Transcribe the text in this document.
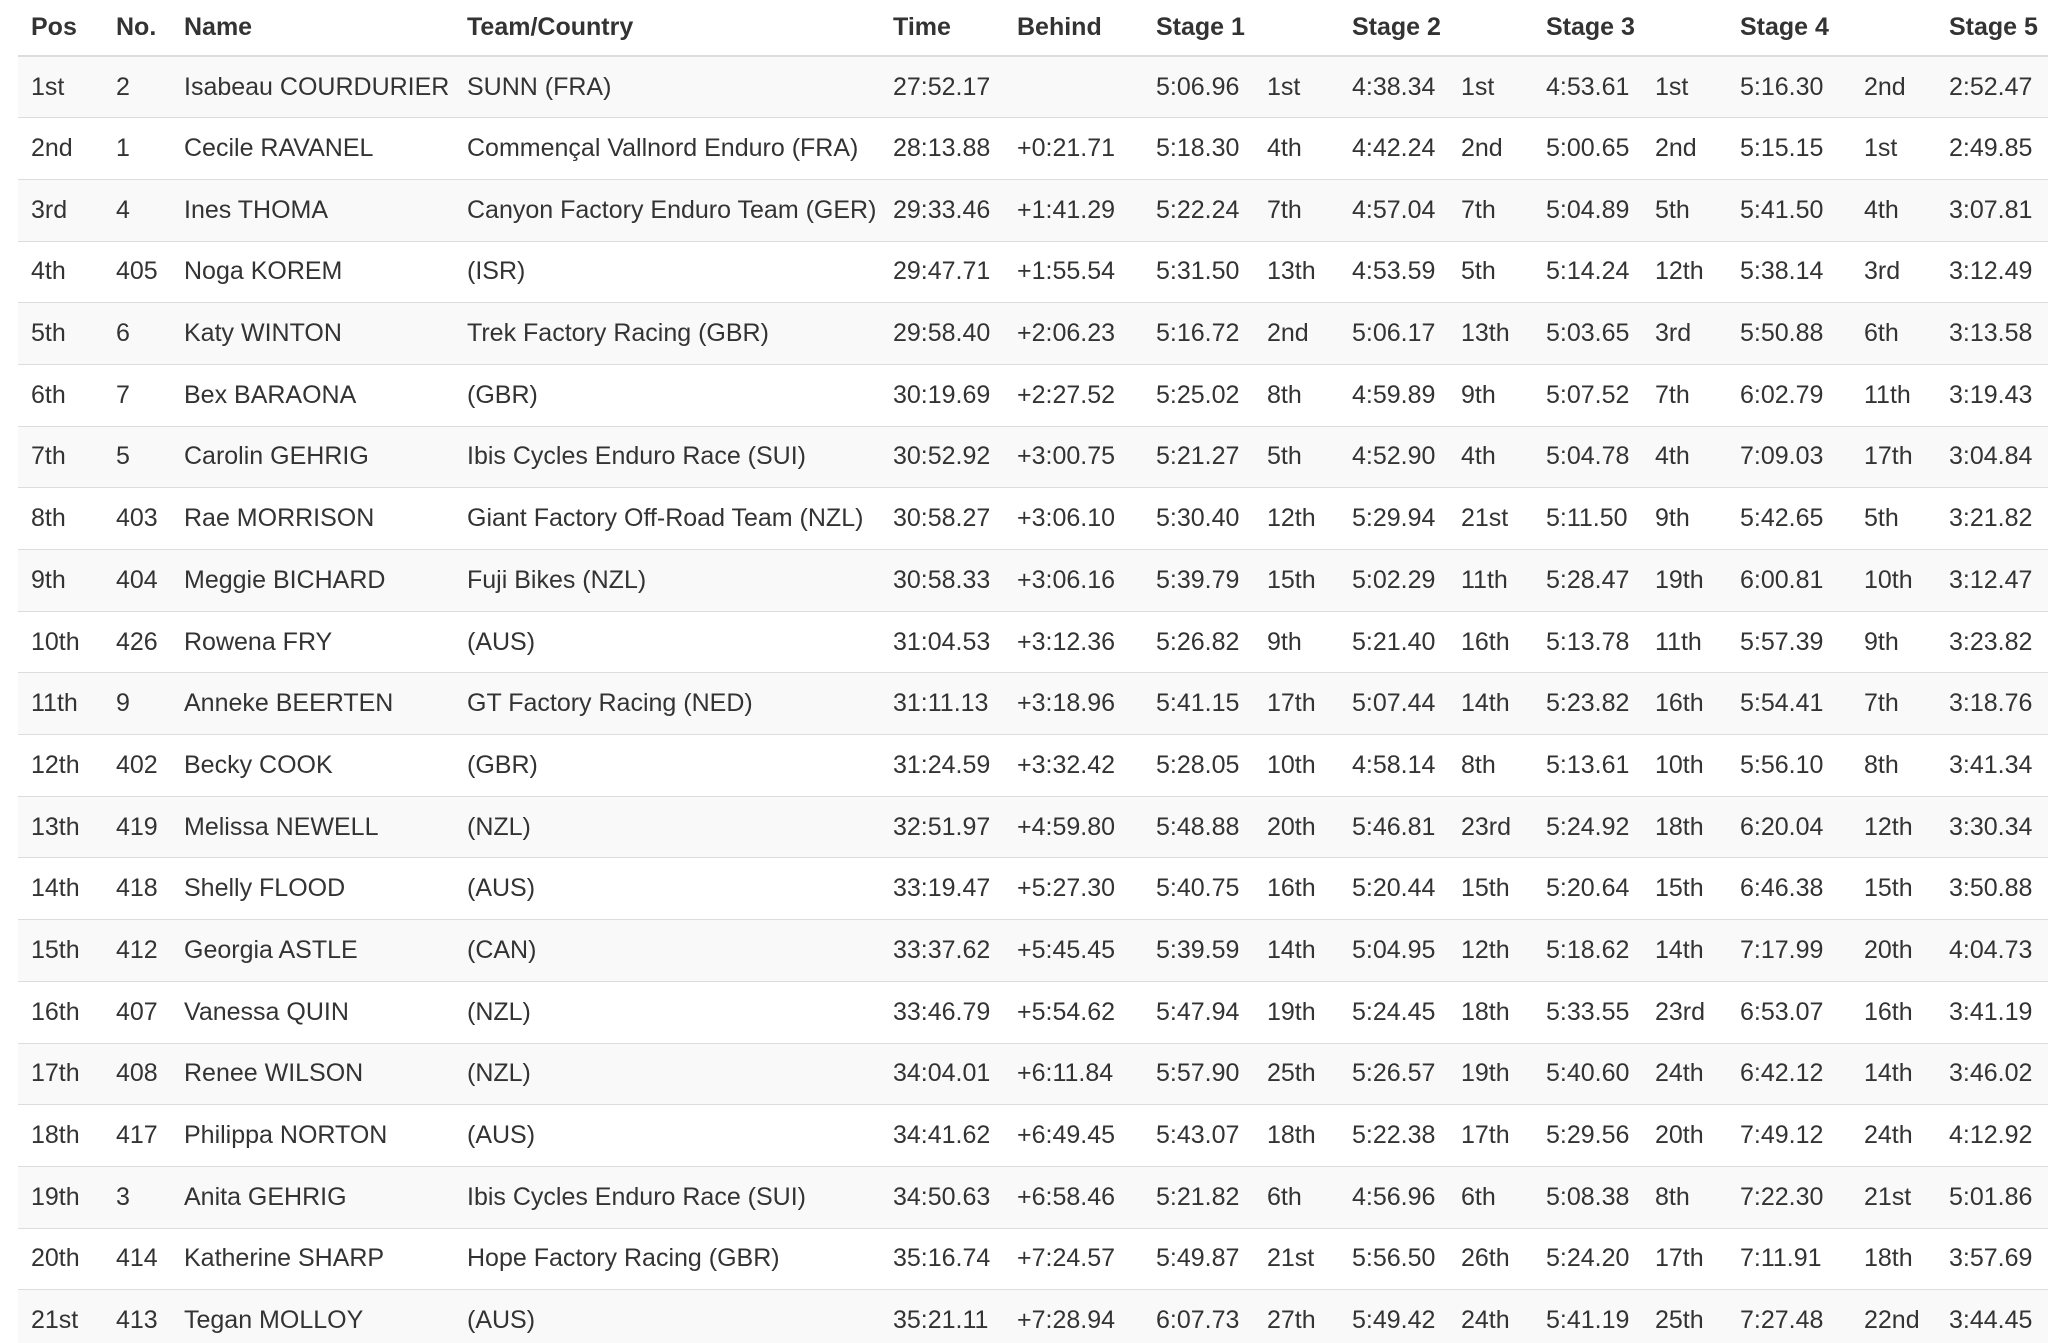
Pos	No.	Name	Team/Country	Time	Behind	Stage 1		Stage 2		Stage 3		Stage 4		Stage 5
1st	2	Isabeau COURDURIER	SUNN (FRA)	27:52.17		5:06.96	1st	4:38.34	1st	4:53.61	1st	5:16.30	2nd	2:52.47
2nd	1	Cecile RAVANEL	Commençal Vallnord Enduro (FRA)	28:13.88	+0:21.71	5:18.30	4th	4:42.24	2nd	5:00.65	2nd	5:15.15	1st	2:49.85
3rd	4	Ines THOMA	Canyon Factory Enduro Team (GER)	29:33.46	+1:41.29	5:22.24	7th	4:57.04	7th	5:04.89	5th	5:41.50	4th	3:07.81
4th	405	Noga KOREM	(ISR)	29:47.71	+1:55.54	5:31.50	13th	4:53.59	5th	5:14.24	12th	5:38.14	3rd	3:12.49
5th	6	Katy WINTON	Trek Factory Racing (GBR)	29:58.40	+2:06.23	5:16.72	2nd	5:06.17	13th	5:03.65	3rd	5:50.88	6th	3:13.58
6th	7	Bex BARAONA	(GBR)	30:19.69	+2:27.52	5:25.02	8th	4:59.89	9th	5:07.52	7th	6:02.79	11th	3:19.43
7th	5	Carolin GEHRIG	Ibis Cycles Enduro Race (SUI)	30:52.92	+3:00.75	5:21.27	5th	4:52.90	4th	5:04.78	4th	7:09.03	17th	3:04.84
8th	403	Rae MORRISON	Giant Factory Off-Road Team (NZL)	30:58.27	+3:06.10	5:30.40	12th	5:29.94	21st	5:11.50	9th	5:42.65	5th	3:21.82
9th	404	Meggie BICHARD	Fuji Bikes (NZL)	30:58.33	+3:06.16	5:39.79	15th	5:02.29	11th	5:28.47	19th	6:00.81	10th	3:12.47
10th	426	Rowena FRY	(AUS)	31:04.53	+3:12.36	5:26.82	9th	5:21.40	16th	5:13.78	11th	5:57.39	9th	3:23.82
11th	9	Anneke BEERTEN	GT Factory Racing (NED)	31:11.13	+3:18.96	5:41.15	17th	5:07.44	14th	5:23.82	16th	5:54.41	7th	3:18.76
12th	402	Becky COOK	(GBR)	31:24.59	+3:32.42	5:28.05	10th	4:58.14	8th	5:13.61	10th	5:56.10	8th	3:41.34
13th	419	Melissa NEWELL	(NZL)	32:51.97	+4:59.80	5:48.88	20th	5:46.81	23rd	5:24.92	18th	6:20.04	12th	3:30.34
14th	418	Shelly FLOOD	(AUS)	33:19.47	+5:27.30	5:40.75	16th	5:20.44	15th	5:20.64	15th	6:46.38	15th	3:50.88
15th	412	Georgia ASTLE	(CAN)	33:37.62	+5:45.45	5:39.59	14th	5:04.95	12th	5:18.62	14th	7:17.99	20th	4:04.73
16th	407	Vanessa QUIN	(NZL)	33:46.79	+5:54.62	5:47.94	19th	5:24.45	18th	5:33.55	23rd	6:53.07	16th	3:41.19
17th	408	Renee WILSON	(NZL)	34:04.01	+6:11.84	5:57.90	25th	5:26.57	19th	5:40.60	24th	6:42.12	14th	3:46.02
18th	417	Philippa NORTON	(AUS)	34:41.62	+6:49.45	5:43.07	18th	5:22.38	17th	5:29.56	20th	7:49.12	24th	4:12.92
19th	3	Anita GEHRIG	Ibis Cycles Enduro Race (SUI)	34:50.63	+6:58.46	5:21.82	6th	4:56.96	6th	5:08.38	8th	7:22.30	21st	5:01.86
20th	414	Katherine SHARP	Hope Factory Racing (GBR)	35:16.74	+7:24.57	5:49.87	21st	5:56.50	26th	5:24.20	17th	7:11.91	18th	3:57.69
21st	413	Tegan MOLLOY	(AUS)	35:21.11	+7:28.94	6:07.73	27th	5:49.42	24th	5:41.19	25th	7:27.48	22nd	3:44.45
